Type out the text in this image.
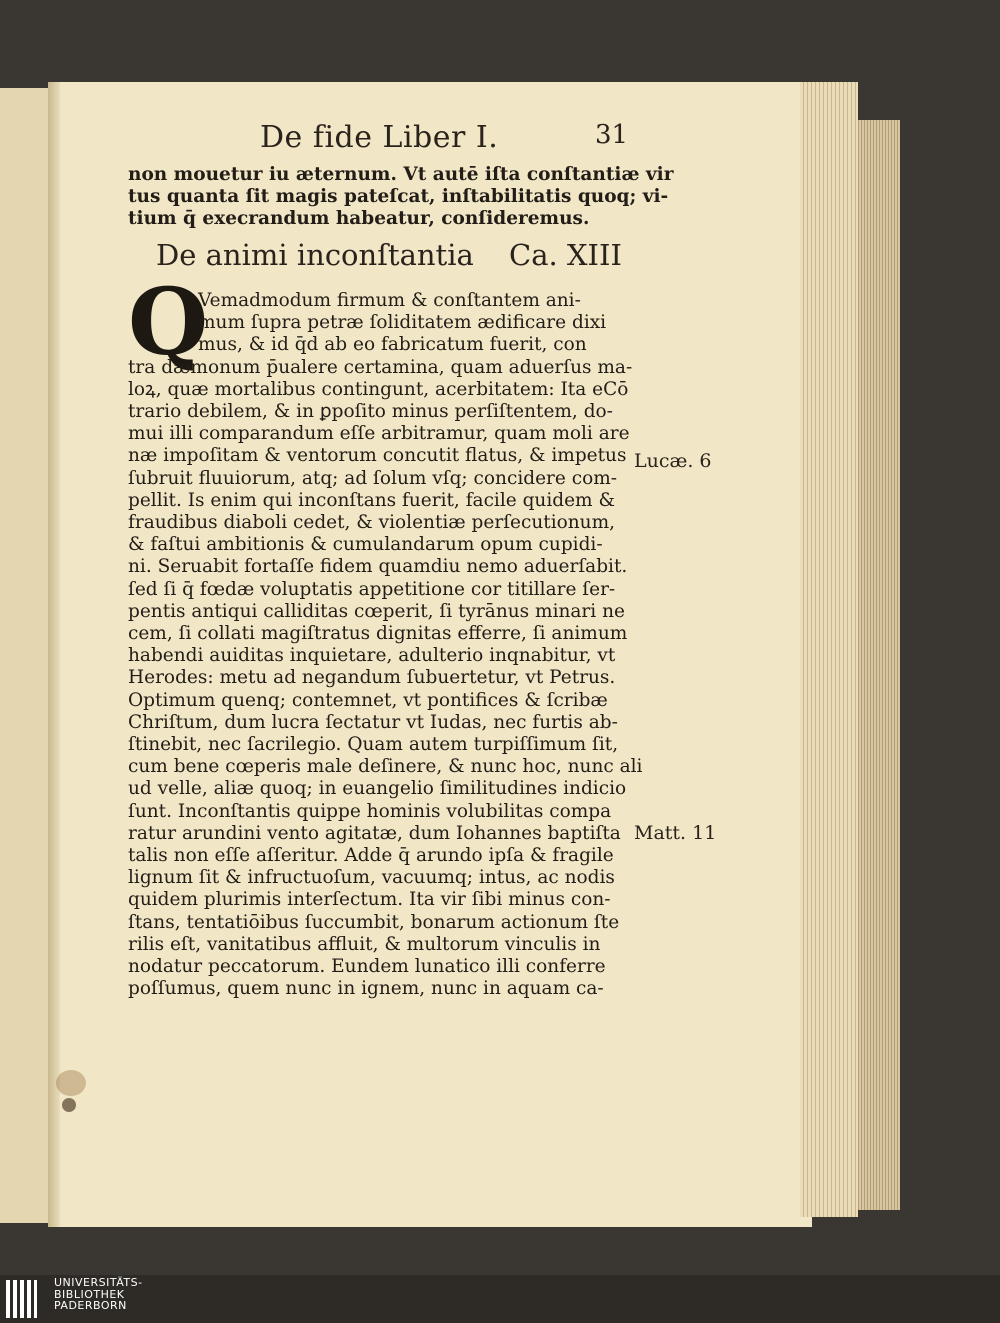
De fide Liber I.	31
non mouetur iu æternum. Vt autē iſta conſtantiæ vir
tus quanta ſit magis pateſcat, inſtabilitatis quoq; vi-
tium q̄ execrandum habeatur, conſideremus.
De animi inconſtantia Ca. XIII
Q
Vemadmodum firmum & conſtantem ani-
mum ſupra petræ ſoliditatem ædificare dixi
mus, & id q̄d ab eo fabricatum fuerit, con
tra dæmonum p̄ualere certamina, quam aduerſus ma-
loꝝ, quæ mortalibus contingunt, acerbitatem: Ita eCō
trario debilem, & in ꝑpoſito minus perſiſtentem, do-
mui illi comparandum eſſe arbitramur, quam moli are
næ impoſitam & ventorum concutit flatus, & impetus
ſubruit fluuiorum, atq; ad ſolum vſq; concidere com-
pellit. Is enim qui inconſtans fuerit, facile quidem &
fraudibus diaboli cedet, & violentiæ perſecutionum,
& faſtui ambitionis & cumulandarum opum cupidi-
ni. Seruabit fortaſſe fidem quamdiu nemo aduerſabit.
ſed ſi q̄ fœdæ voluptatis appetitione cor titillare ſer-
pentis antiqui calliditas cœperit, ſi tyrānus minari ne
cem, ſi collati magiſtratus dignitas efferre, ſi animum
habendi auiditas inquietare, adulterio inqnabitur, vt
Herodes: metu ad negandum ſubuertetur, vt Petrus.
Optimum quenq; contemnet, vt pontifices & ſcribæ
Chriſtum, dum lucra ſectatur vt Iudas, nec furtis ab-
ſtinebit, nec ſacrilegio. Quam autem turpiſſimum ſit,
cum bene cœperis male deſinere, & nunc hoc, nunc ali
ud velle, aliæ quoq; in euangelio ſimilitudines indicio
ſunt. Inconſtantis quippe hominis volubilitas compa
ratur arundini vento agitatæ, dum Iohannes baptiſta
talis non eſſe aſſeritur. Adde q̄ arundo ipſa & fragile
lignum ſit & infructuoſum, vacuumq; intus, ac nodis
quidem plurimis interſectum. Ita vir ſibi minus con-
ſtans, tentatiōibus ſuccumbit, bonarum actionum ſte
rilis eſt, vanitatibus affluit, & multorum vinculis in
nodatur peccatorum. Eundem lunatico illi conferre
poſſumus, quem nunc in ignem, nunc in aquam ca-
Lucæ. 6
Matt. 11
UNIVERSITÄTS-
BIBLIOTHEK
PADERBORN
